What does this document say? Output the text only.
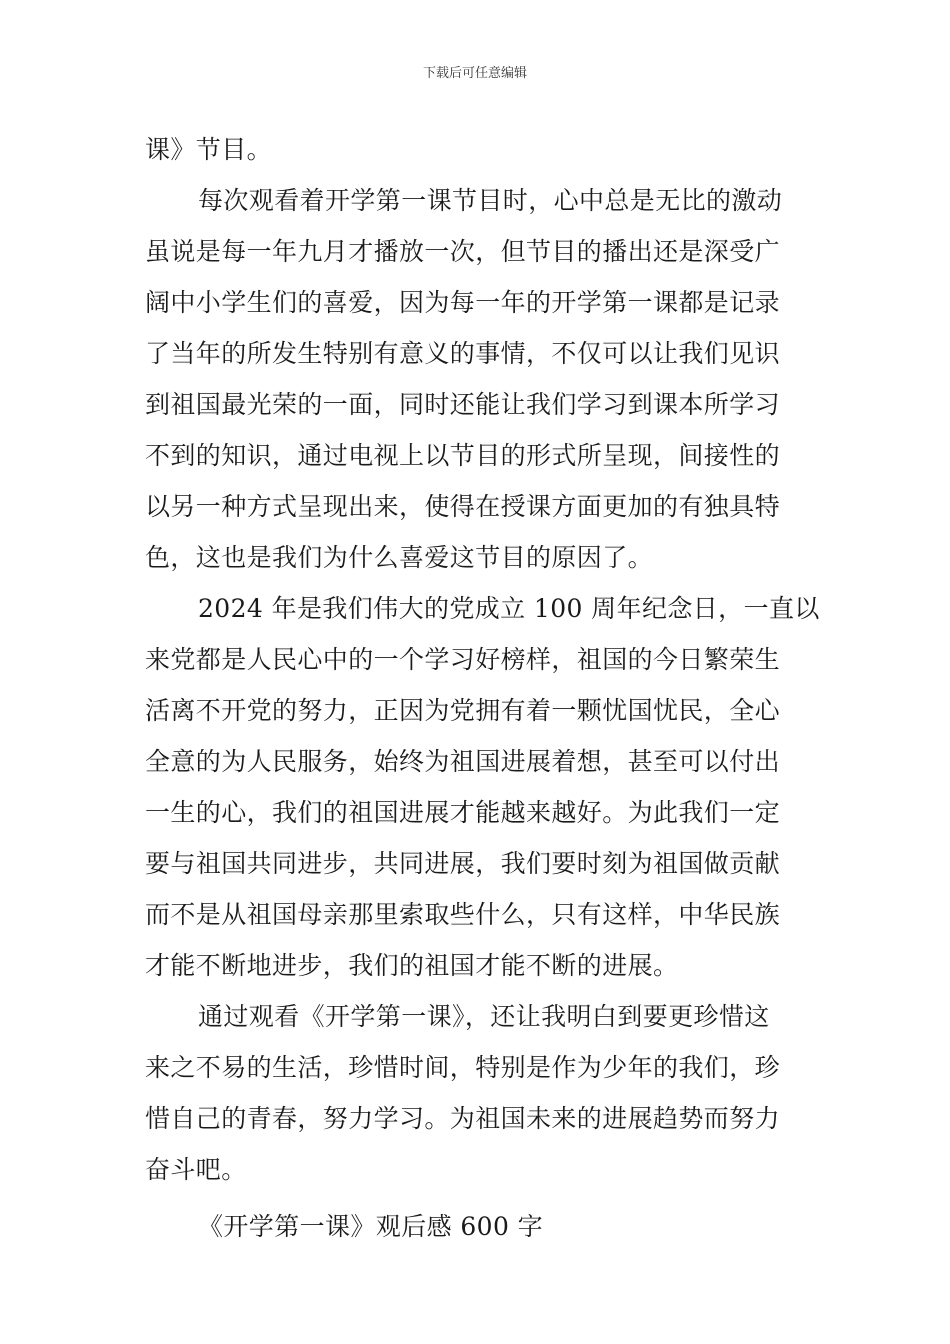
下载后可任意编辑
课》节目。
每次观看着开学第一课节目时，心中总是无比的激动
虽说是每一年九月才播放一次，但节目的播出还是深受广
阔中小学生们的喜爱，因为每一年的开学第一课都是记录
了当年的所发生特别有意义的事情，不仅可以让我们见识
到祖国最光荣的一面，同时还能让我们学习到课本所学习
不到的知识，通过电视上以节目的形式所呈现，间接性的
以另一种方式呈现出来，使得在授课方面更加的有独具特
色，这也是我们为什么喜爱这节目的原因了。
2024 年是我们伟大的党成立 100 周年纪念日，一直以
来党都是人民心中的一个学习好榜样，祖国的今日繁荣生
活离不开党的努力，正因为党拥有着一颗忧国忧民，全心
全意的为人民服务，始终为祖国进展着想，甚至可以付出
一生的心，我们的祖国进展才能越来越好。为此我们一定
要与祖国共同进步，共同进展，我们要时刻为祖国做贡献
而不是从祖国母亲那里索取些什么，只有这样，中华民族
才能不断地进步，我们的祖国才能不断的进展。
通过观看《开学第一课》，还让我明白到要更珍惜这
来之不易的生活，珍惜时间，特别是作为少年的我们，珍
惜自己的青春，努力学习。为祖国未来的进展趋势而努力
奋斗吧。
《开学第一课》观后感 600 字
